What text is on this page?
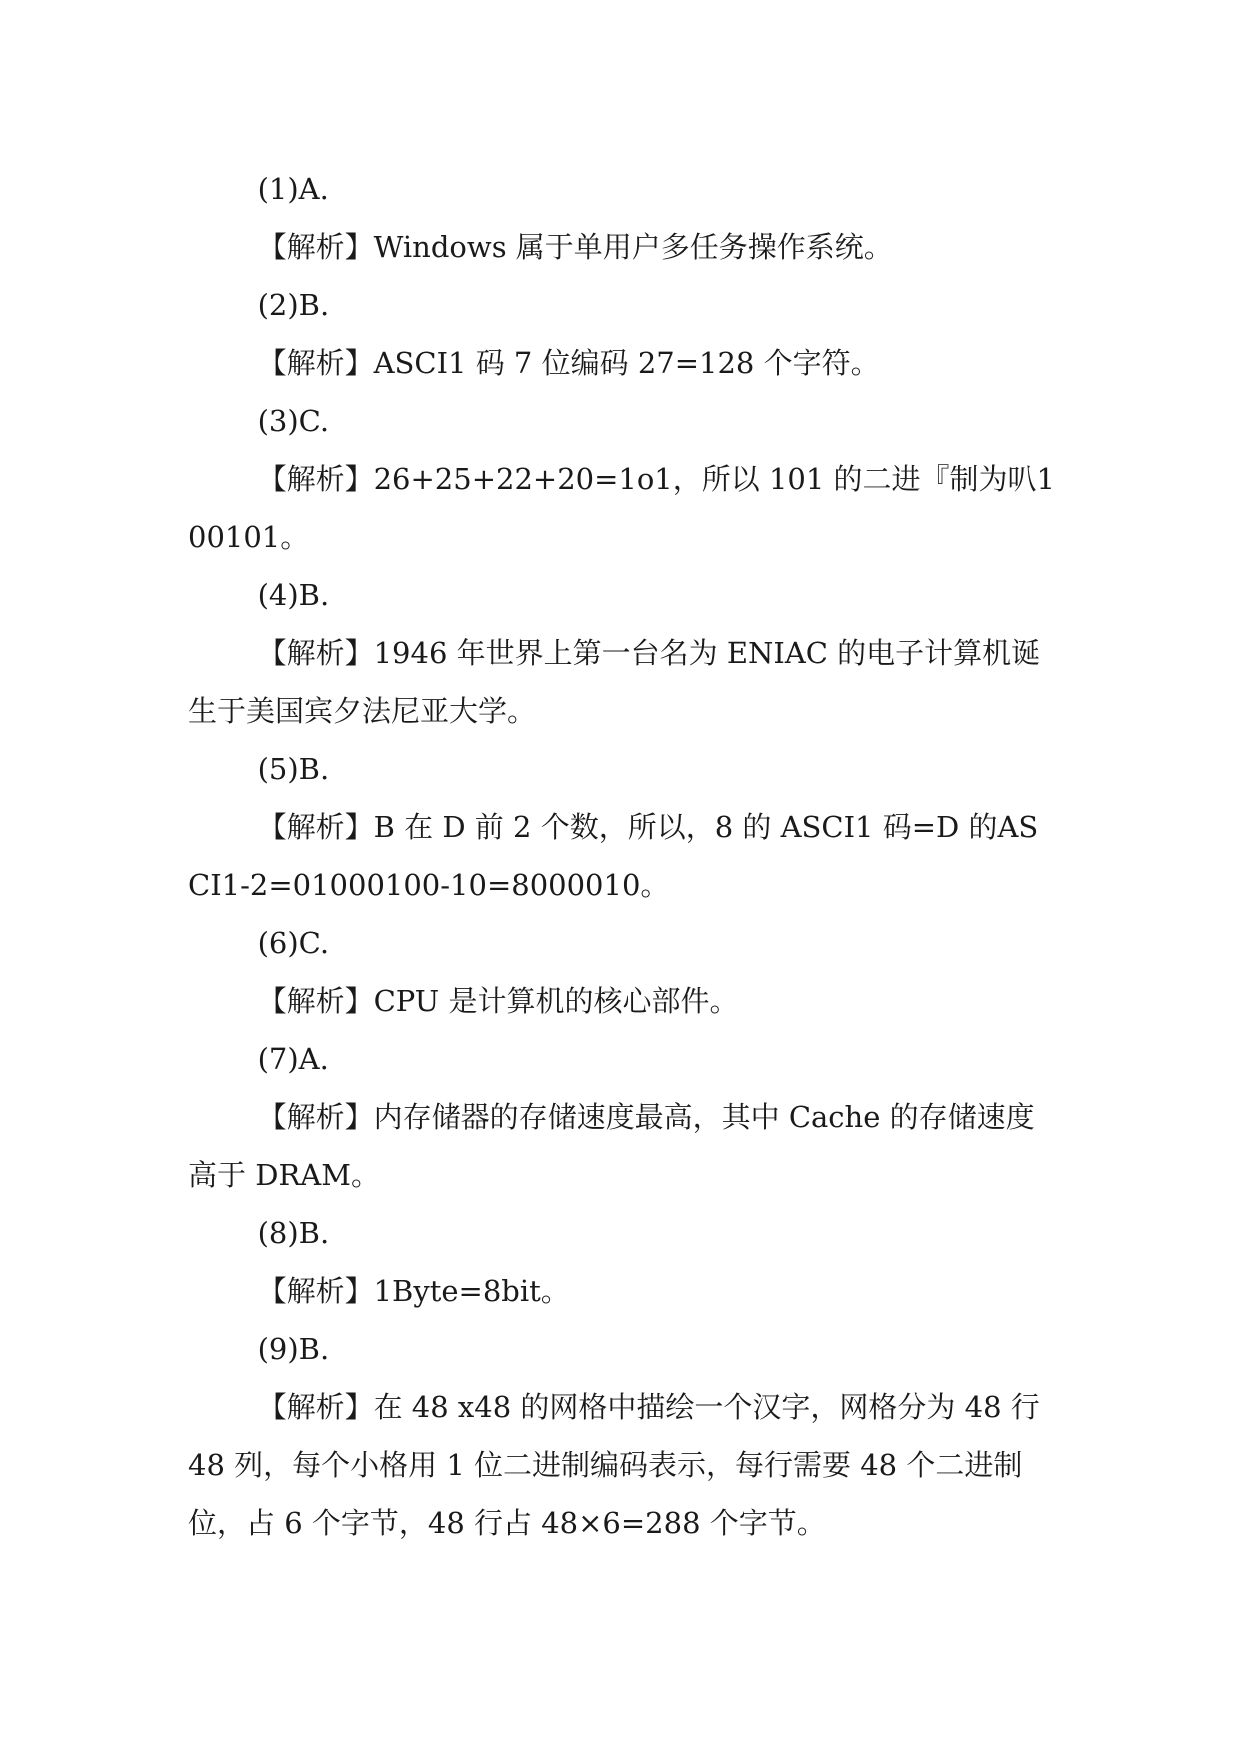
(1)A.

【解析】Windows 属于单用户多任务操作系统。

(2)B.

【解析】ASCI1 码 7 位编码 27=128 个字符。

(3)C.

【解析】26+25+22+20=1o1，所以 101 的二进『制为叭100101。

(4)B.

【解析】1946 年世界上第一台名为 ENIAC 的电子计算机诞生于美国宾夕法尼亚大学。

(5)B.

【解析】B 在 D 前 2 个数，所以，8 的 ASCI1 码=D 的ASCI1-2=01000100-10=8000010。

(6)C.

【解析】CPU 是计算机的核心部件。

(7)A.

【解析】内存储器的存储速度最高，其中 Cache 的存储速度高于 DRAM。

(8)B.

【解析】1Byte=8bit。

(9)B.

【解析】在 48 x48 的网格中描绘一个汉字，网格分为 48 行 48 列，每个小格用 1 位二进制编码表示，每行需要 48 个二进制位，占 6 个字节，48 行占 48×6=288 个字节。
